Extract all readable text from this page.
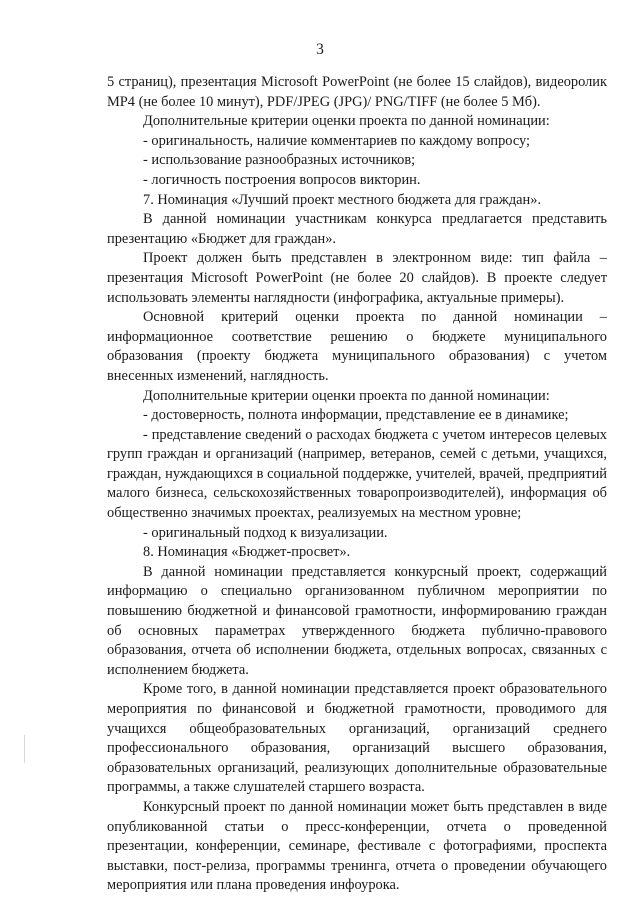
3

5 страниц), презентация Microsoft PowerPoint (не более 15 слайдов), видеоролик MP4 (не более 10 минут), PDF/JPEG (JPG)/ PNG/TIFF (не более 5 Мб).

Дополнительные критерии оценки проекта по данной номинации:

- оригинальность, наличие комментариев по каждому вопросу;

- использование разнообразных источников;

- логичность построения вопросов викторин.

7. Номинация «Лучший проект местного бюджета для граждан».

В данной номинации участникам конкурса предлагается представить презентацию «Бюджет для граждан».

Проект должен быть представлен в электронном виде: тип файла – презентация Microsoft PowerPoint (не более 20 слайдов). В проекте следует использовать элементы наглядности (инфографика, актуальные примеры).

Основной критерий оценки проекта по данной номинации – информационное соответствие решению о бюджете муниципального образования (проекту бюджета муниципального образования) с учетом внесенных изменений, наглядность.

Дополнительные критерии оценки проекта по данной номинации:

- достоверность, полнота информации, представление ее в динамике;

- представление сведений о расходах бюджета с учетом интересов целевых групп граждан и организаций (например, ветеранов, семей с детьми, учащихся, граждан, нуждающихся в социальной поддержке, учителей, врачей, предприятий малого бизнеса, сельскохозяйственных товаропроизводителей), информация об общественно значимых проектах, реализуемых на местном уровне;

- оригинальный подход к визуализации.

8. Номинация «Бюджет-просвет».

В данной номинации представляется конкурсный проект, содержащий информацию о специально организованном публичном мероприятии по повышению бюджетной и финансовой грамотности, информированию граждан об основных параметрах утвержденного бюджета публично-правового образования, отчета об исполнении бюджета, отдельных вопросах, связанных с исполнением бюджета.

Кроме того, в данной номинации представляется проект образовательного мероприятия по финансовой и бюджетной грамотности, проводимого для учащихся общеобразовательных организаций, организаций среднего профессионального образования, организаций высшего образования, образовательных организаций, реализующих дополнительные образовательные программы, а также слушателей старшего возраста.

Конкурсный проект по данной номинации может быть представлен в виде опубликованной статьи о пресс-конференции, отчета о проведенной презентации, конференции, семинаре, фестивале с фотографиями, проспекта выставки, пост-релиза, программы тренинга, отчета о проведении обучающего мероприятия или плана проведения инфоурока.
